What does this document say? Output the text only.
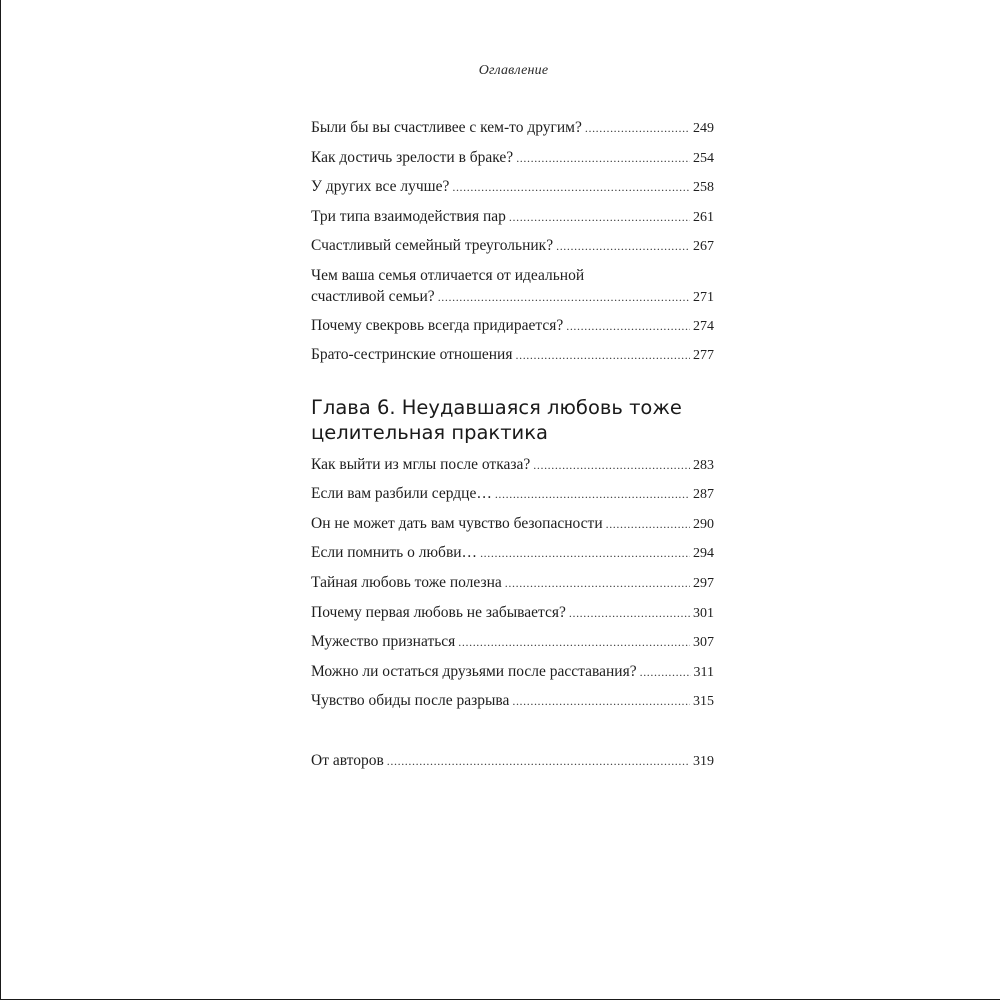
Оглавление
Были бы вы счастливее с кем-то другим? . . .	249
Как достичь зрелости в браке? . . .	254
У других все лучше? . . .	258
Три типа взаимодействия пар . . .	261
Счастливый семейный треугольник? . . .	267
Чем ваша семья отличается от идеальной
счастливой семьи? . . .	271
Почему свекровь всегда придирается? . . .	274
Брато-сестринские отношения . . .	277
Глава 6. Неудавшаяся любовь тоже целительная практика
Как выйти из мглы после отказа? . . .	283
Если вам разбили сердце… . . .	287
Он не может дать вам чувство безопасности . . .	290
Если помнить о любви… . . .	294
Тайная любовь тоже полезна . . .	297
Почему первая любовь не забывается? . . .	301
Мужество признаться . . .	307
Можно ли остаться друзьями после расставания? . . .	311
Чувство обиды после разрыва . . .	315
От авторов . . .	319
